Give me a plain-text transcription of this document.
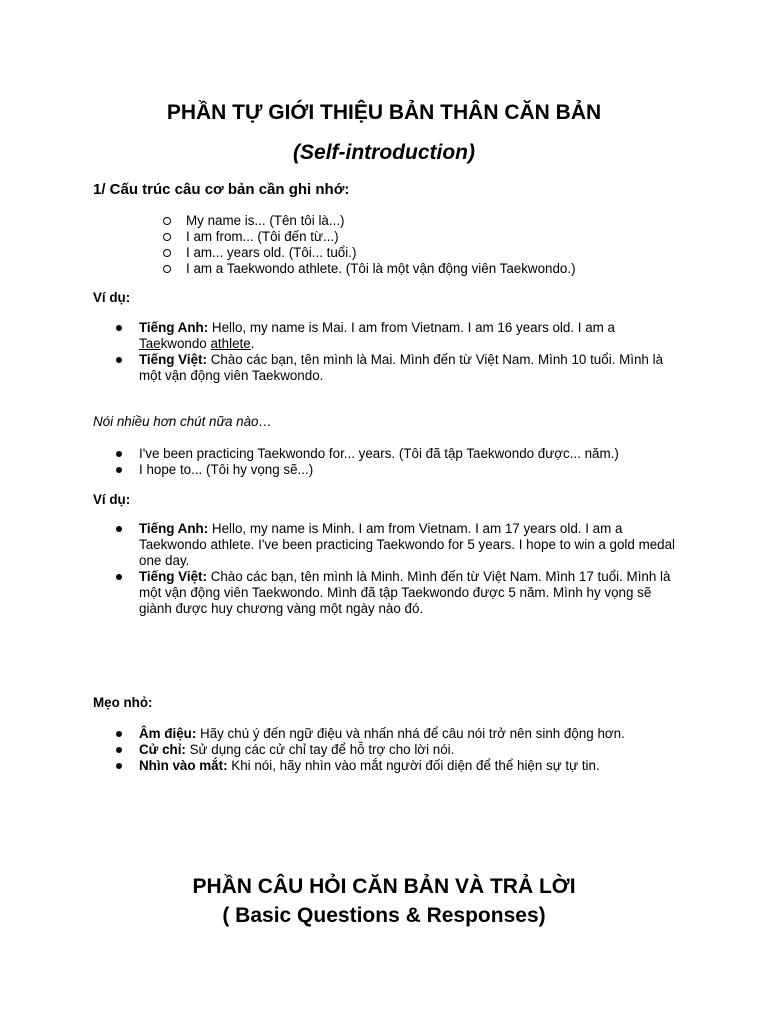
PHẦN TỰ GIỚI THIỆU BẢN THÂN CĂN BẢN
(Self-introduction)
1/ Cấu trúc câu cơ bản cần ghi nhớ:
My name is... (Tên tôi là...)
I am from... (Tôi đến từ...)
I am... years old. (Tôi... tuổi.)
I am a Taekwondo athlete. (Tôi là một vận động viên Taekwondo.)
Ví dụ:
Tiếng Anh: Hello, my name is Mai. I am from Vietnam. I am 16 years old. I am a Taekwondo athlete.
Tiếng Việt: Chào các bạn, tên mình là Mai. Mình đến từ Việt Nam. Mình 10 tuổi. Mình là một vận động viên Taekwondo.
Nói nhiều hơn chút nữa nào…
I've been practicing Taekwondo for... years. (Tôi đã tập Taekwondo được... năm.)
I hope to... (Tôi hy vọng sẽ...)
Ví dụ:
Tiếng Anh: Hello, my name is Minh. I am from Vietnam. I am 17 years old. I am a Taekwondo athlete. I've been practicing Taekwondo for 5 years. I hope to win a gold medal one day.
Tiếng Việt: Chào các bạn, tên mình là Minh. Mình đến từ Việt Nam. Mình 17 tuổi. Mình là một vận động viên Taekwondo. Mình đã tập Taekwondo được 5 năm. Mình hy vọng sẽ giành được huy chương vàng một ngày nào đó.
Mẹo nhỏ:
Âm điệu: Hãy chú ý đến ngữ điệu và nhấn nhá để câu nói trở nên sinh động hơn.
Cử chỉ: Sử dụng các cử chỉ tay để hỗ trợ cho lời nói.
Nhìn vào mắt: Khi nói, hãy nhìn vào mắt người đối diện để thể hiện sự tự tin.
PHẦN CÂU HỎI CĂN BẢN VÀ TRẢ LỜI
( Basic Questions & Responses)
